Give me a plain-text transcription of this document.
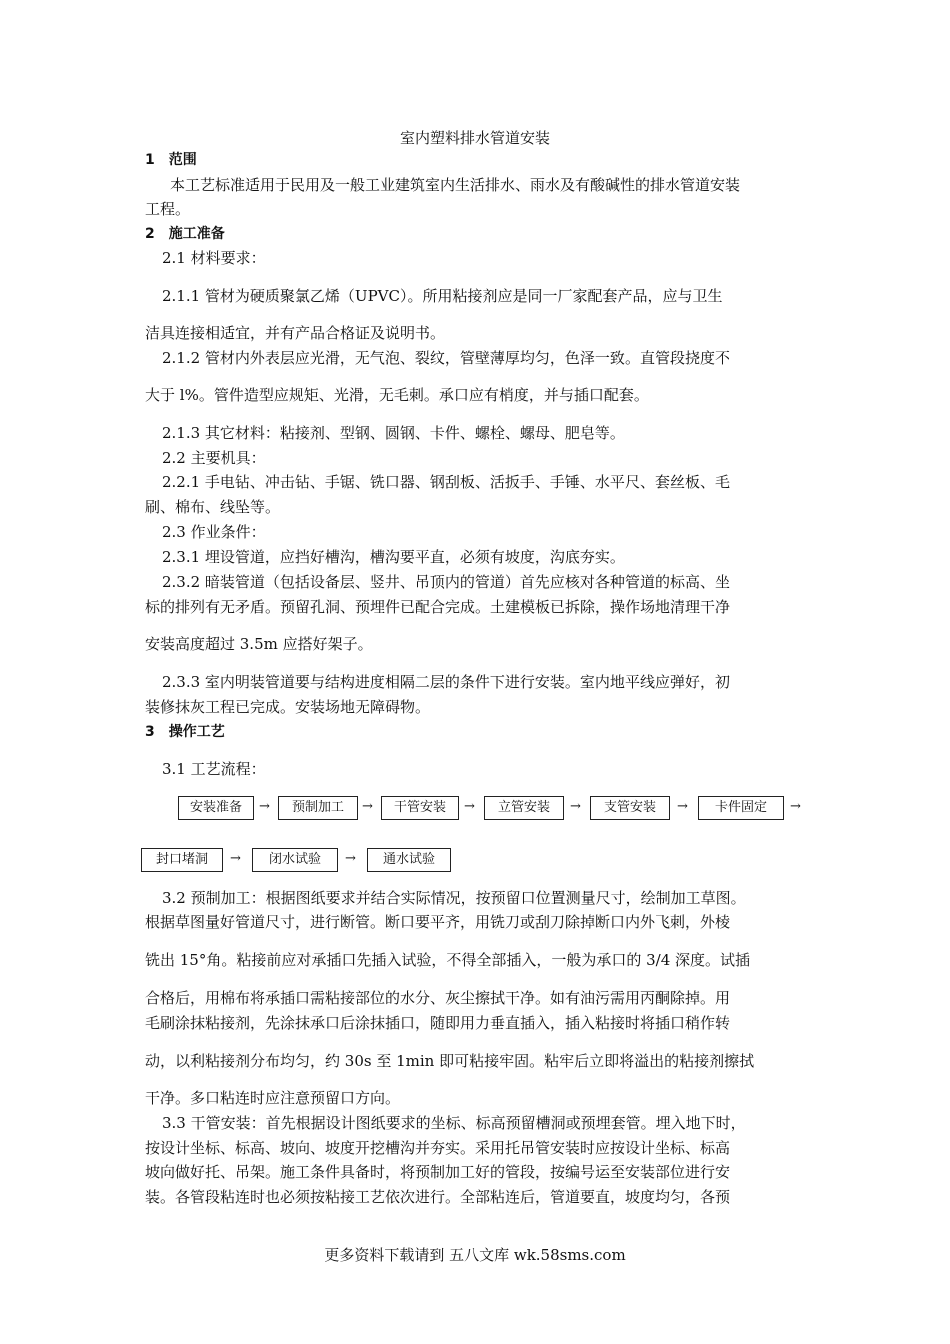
室内塑料排水管道安装
1　范围
本工艺标准适用于民用及一般工业建筑室内生活排水、雨水及有酸碱性的排水管道安装
工程。
2　施工准备
2.1 材料要求：
2.1.1 管材为硬质聚氯乙烯（UPVC）。所用粘接剂应是同一厂家配套产品，应与卫生
洁具连接相适宜，并有产品合格证及说明书。
2.1.2 管材内外表层应光滑，无气泡、裂纹，管壁薄厚均匀，色泽一致。直管段挠度不
大于 l%。管件造型应规矩、光滑，无毛刺。承口应有梢度，并与插口配套。
2.1.3 其它材料：粘接剂、型钢、圆钢、卡件、螺栓、螺母、肥皂等。
2.2 主要机具：
2.2.1 手电钻、冲击钻、手锯、铣口器、钢刮板、活扳手、手锤、水平尺、套丝板、毛
刷、棉布、线坠等。
2.3 作业条件：
2.3.1 埋设管道，应挡好槽沟，槽沟要平直，必须有坡度，沟底夯实。
2.3.2 暗装管道（包括设备层、竖井、吊顶内的管道）首先应核对各种管道的标高、坐
标的排列有无矛盾。预留孔洞、预埋件已配合完成。土建模板已拆除，操作场地清理干净
安装高度超过 3.5m 应搭好架子。
2.3.3 室内明装管道要与结构进度相隔二层的条件下进行安装。室内地平线应弹好，初
装修抹灰工程已完成。安装场地无障碍物。
3　操作工艺
3.1 工艺流程：
安装准备	→	预制加工	→	干管安装	→	立管安装	→	支管安装	→	卡件固定	→
封口堵洞	→	闭水试验	→	通水试验
3.2 预制加工：根据图纸要求并结合实际情况，按预留口位置测量尺寸，绘制加工草图。
根据草图量好管道尺寸，进行断管。断口要平齐，用铣刀或刮刀除掉断口内外飞刺，外棱
铣出 15°角。粘接前应对承插口先插入试验，不得全部插入，一般为承口的 3/4 深度。试插
合格后，用棉布将承插口需粘接部位的水分、灰尘擦拭干净。如有油污需用丙酮除掉。用
毛刷涂抹粘接剂，先涂抹承口后涂抹插口，随即用力垂直插入，插入粘接时将插口稍作转
动，以利粘接剂分布均匀，约 30s 至 1min 即可粘接牢固。粘牢后立即将溢出的粘接剂擦拭
干净。多口粘连时应注意预留口方向。
3.3 干管安装：首先根据设计图纸要求的坐标、标高预留槽洞或预埋套管。埋入地下时，
按设计坐标、标高、坡向、坡度开挖槽沟并夯实。采用托吊管安装时应按设计坐标、标高
坡向做好托、吊架。施工条件具备时，将预制加工好的管段，按编号运至安装部位进行安
装。各管段粘连时也必须按粘接工艺依次进行。全部粘连后，管道要直，坡度均匀，各预
更多资料下载请到 五八文库 wk.58sms.com
